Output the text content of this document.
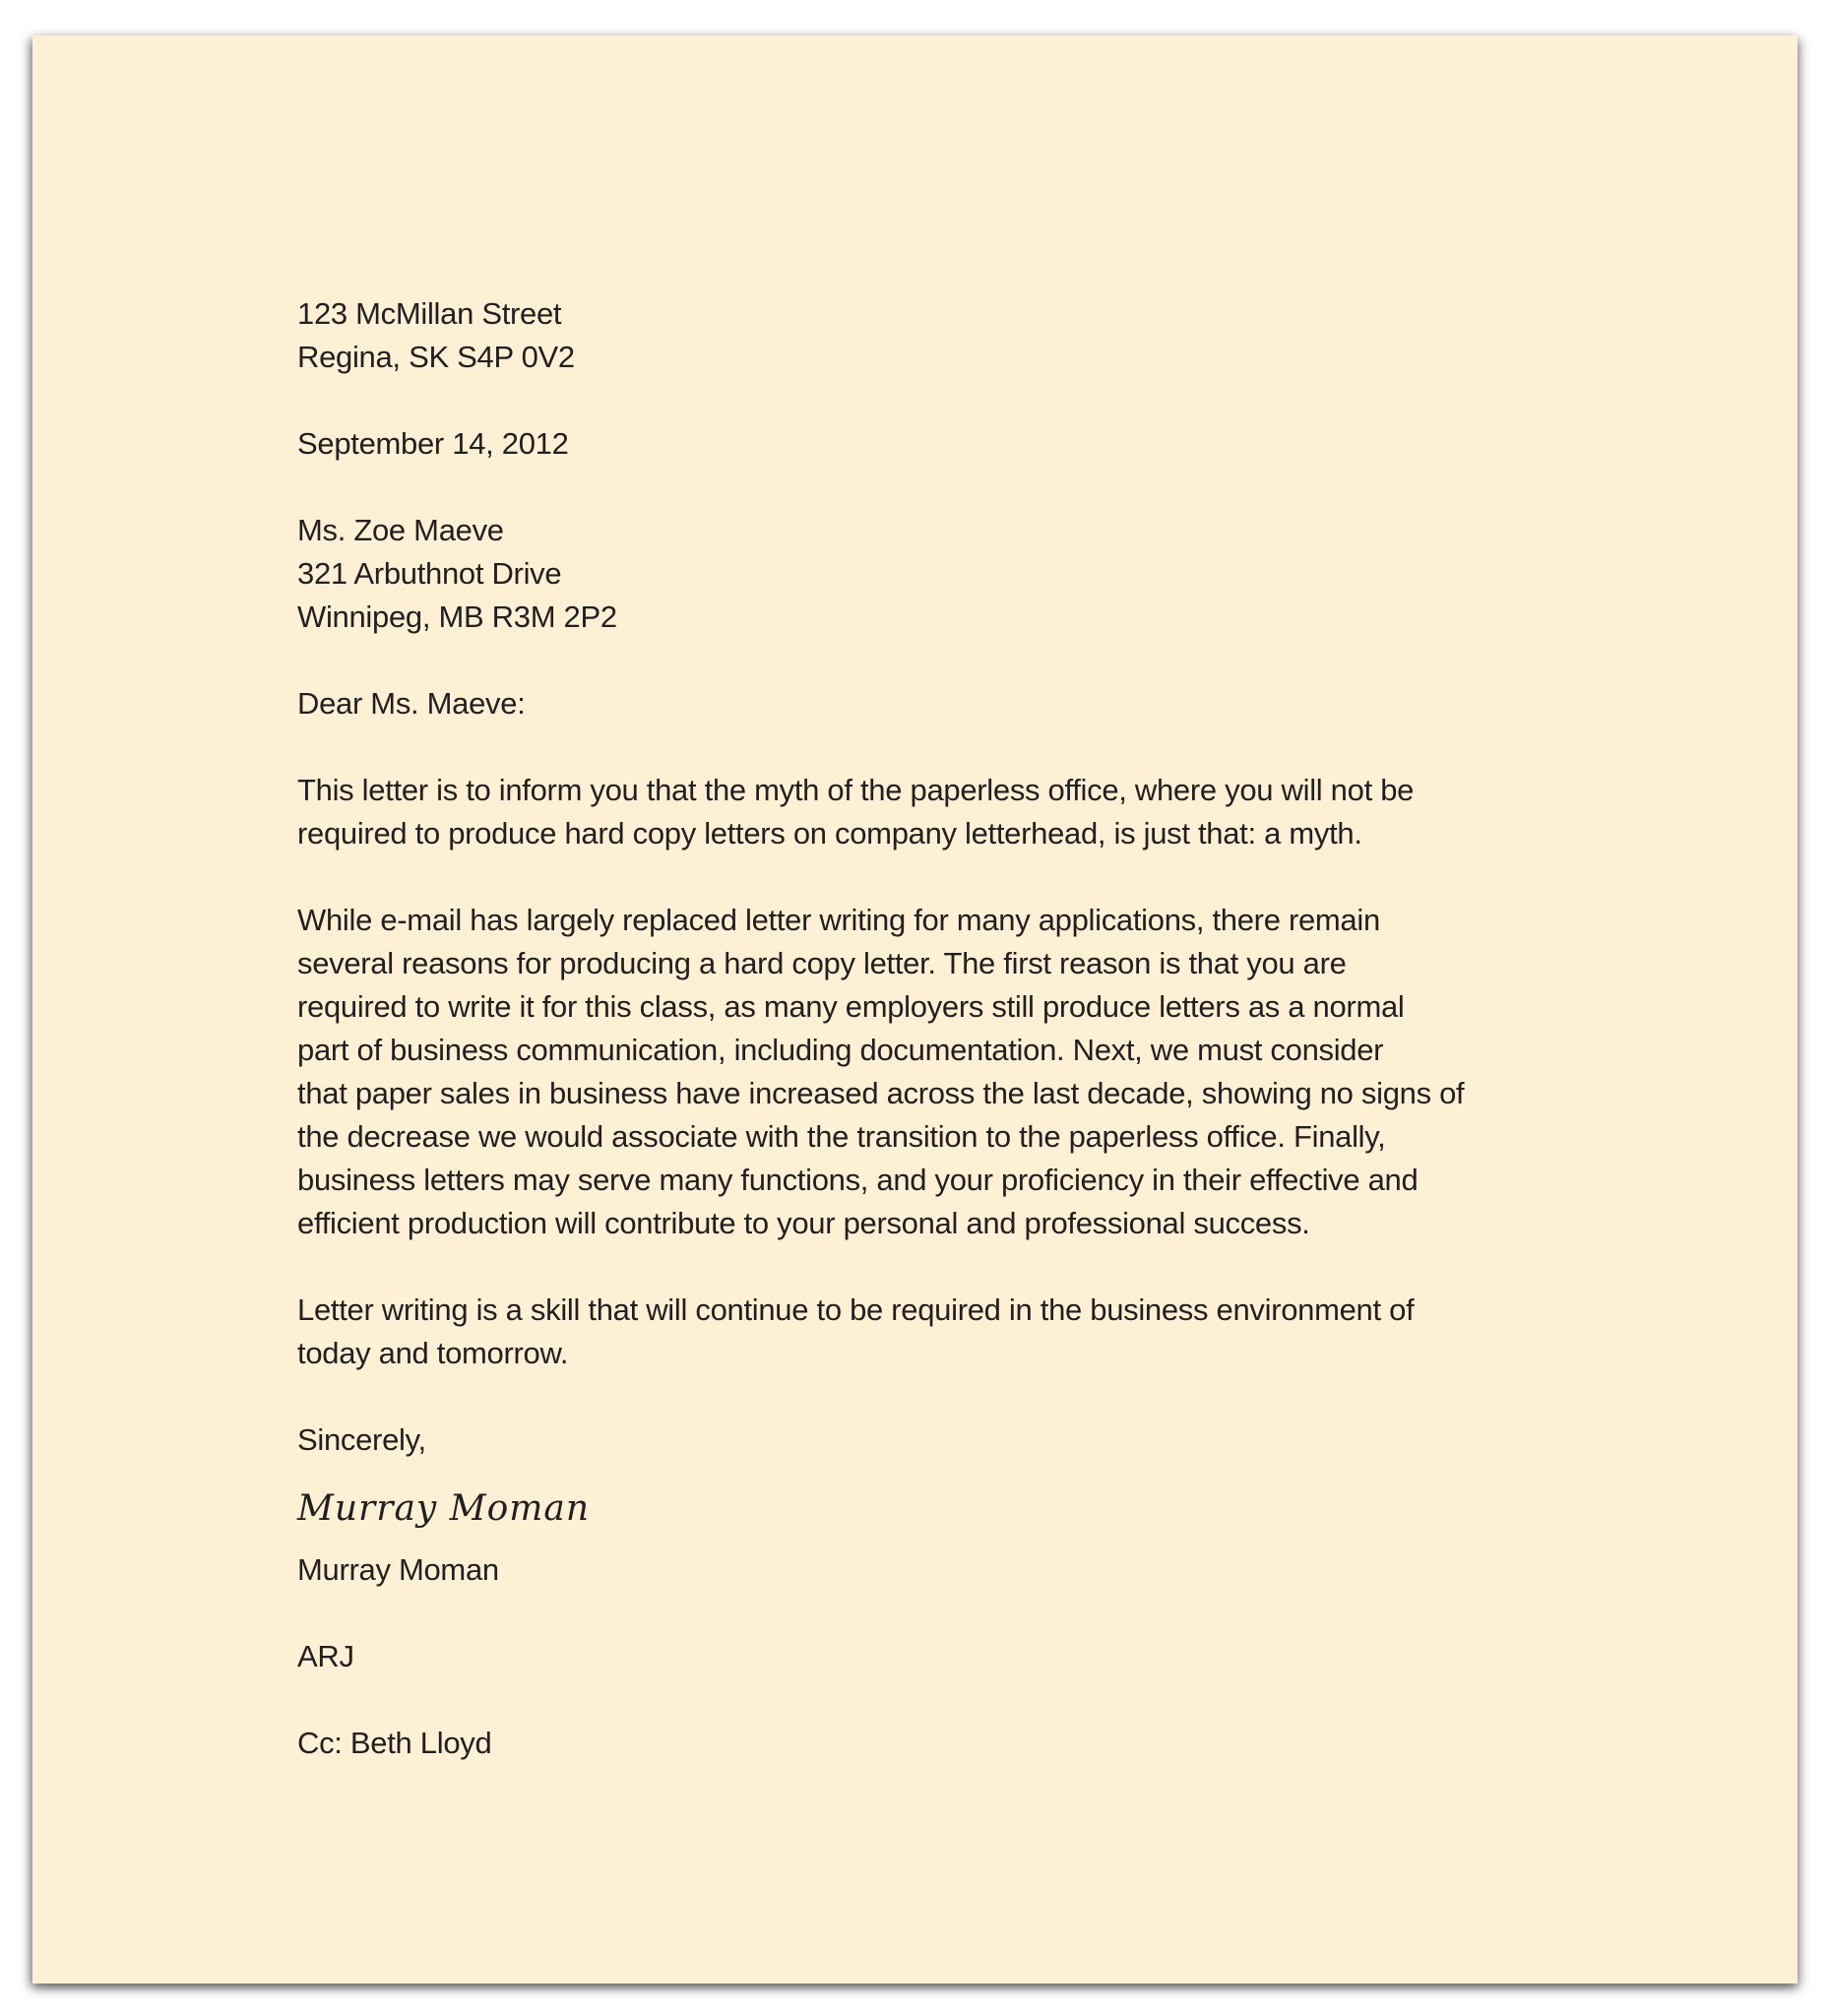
123 McMillan Street
Regina, SK S4P 0V2
September 14, 2012
Ms. Zoe Maeve
321 Arbuthnot Drive
Winnipeg, MB R3M 2P2
Dear Ms. Maeve:
This letter is to inform you that the myth of the paperless office, where you will not be
required to produce hard copy letters on company letterhead, is just that: a myth.
While e-mail has largely replaced letter writing for many applications, there remain
several reasons for producing a hard copy letter. The first reason is that you are
required to write it for this class, as many employers still produce letters as a normal
part of business communication, including documentation. Next, we must consider
that paper sales in business have increased across the last decade, showing no signs of
the decrease we would associate with the transition to the paperless office. Finally,
business letters may serve many functions, and your proficiency in their effective and
efficient production will contribute to your personal and professional success.
Letter writing is a skill that will continue to be required in the business environment of
today and tomorrow.
Sincerely,
Murray Moman
Murray Moman
ARJ
Cc: Beth Lloyd
